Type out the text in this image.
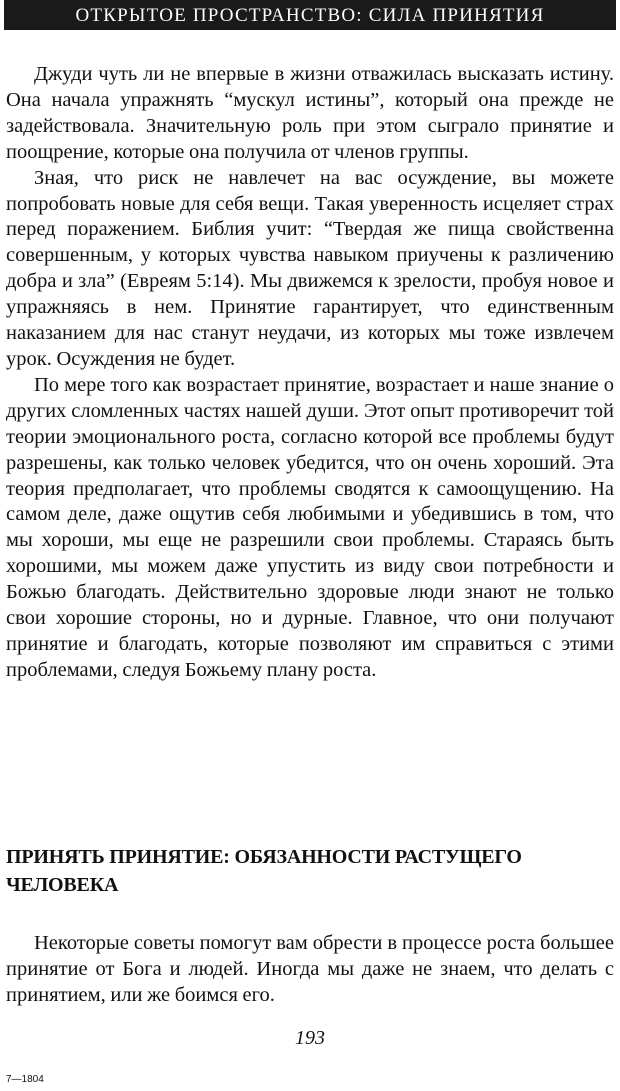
ОТКРЫТОЕ ПРОСТРАНСТВО: СИЛА ПРИНЯТИЯ

Джуди чуть ли не впервые в жизни отважилась высказать истину. Она начала упражнять “мускул истины”, который она прежде не задействовала. Значительную роль при этом сыграло принятие и поощрение, которые она получила от членов группы.

Зная, что риск не навлечет на вас осуждение, вы можете попробовать новые для себя вещи. Такая уверенность исцеляет страх перед поражением. Библия учит: “Твердая же пища свойственна совершенным, у которых чувства навыком приучены к различению добра и зла” (Евреям 5:14). Мы движемся к зрелости, пробуя новое и упражняясь в нем. Принятие гарантирует, что единственным наказанием для нас станут неудачи, из которых мы тоже извлечем урок. Осуждения не будет.

По мере того как возрастает принятие, возрастает и наше знание о других сломленных частях нашей души. Этот опыт противоречит той теории эмоционального роста, согласно которой все проблемы будут разрешены, как только человек убедится, что он очень хороший. Эта теория предполагает, что проблемы сводятся к самоощущению. На самом деле, даже ощутив себя любимыми и убедившись в том, что мы хороши, мы еще не разрешили свои проблемы. Стараясь быть хорошими, мы можем даже упустить из виду свои потребности и Божью благодать. Действительно здоровые люди знают не только свои хорошие стороны, но и дурные. Главное, что они получают принятие и благодать, которые позволяют им справиться с этими проблемами, следуя Божьему плану роста.

ПРИНЯТЬ ПРИНЯТИЕ: ОБЯЗАННОСТИ РАСТУЩЕГО ЧЕЛОВЕКА

Некоторые советы помогут вам обрести в процессе роста большее принятие от Бога и людей. Иногда мы даже не знаем, что делать с принятием, или же боимся его.

193
7—1804
